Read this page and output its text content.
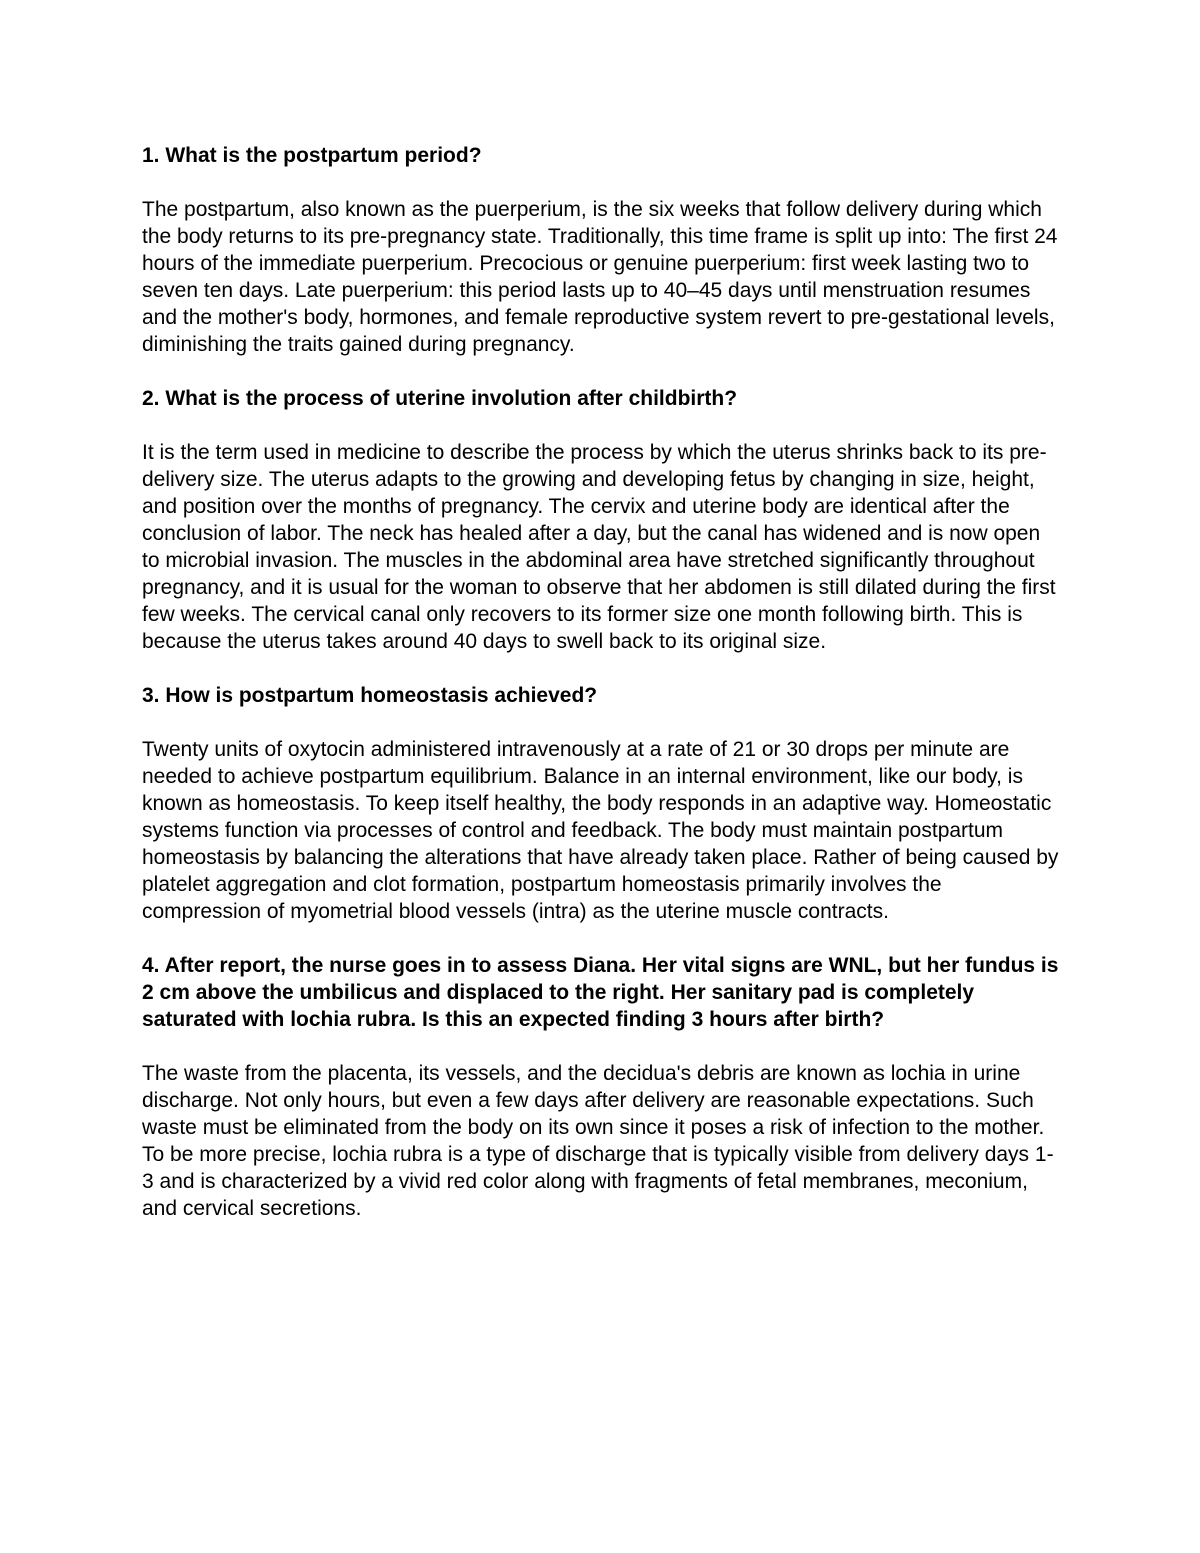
1. What is the postpartum period?

The postpartum, also known as the puerperium, is the six weeks that follow delivery during which the body returns to its pre-pregnancy state. Traditionally, this time frame is split up into: The first 24 hours of the immediate puerperium. Precocious or genuine puerperium: first week lasting two to seven ten days. Late puerperium: this period lasts up to 40–45 days until menstruation resumes and the mother's body, hormones, and female reproductive system revert to pre-gestational levels, diminishing the traits gained during pregnancy.

2. What is the process of uterine involution after childbirth?

It is the term used in medicine to describe the process by which the uterus shrinks back to its pre-delivery size. The uterus adapts to the growing and developing fetus by changing in size, height, and position over the months of pregnancy. The cervix and uterine body are identical after the conclusion of labor. The neck has healed after a day, but the canal has widened and is now open to microbial invasion. The muscles in the abdominal area have stretched significantly throughout pregnancy, and it is usual for the woman to observe that her abdomen is still dilated during the first few weeks. The cervical canal only recovers to its former size one month following birth. This is because the uterus takes around 40 days to swell back to its original size.

3. How is postpartum homeostasis achieved?

Twenty units of oxytocin administered intravenously at a rate of 21 or 30 drops per minute are needed to achieve postpartum equilibrium. Balance in an internal environment, like our body, is known as homeostasis. To keep itself healthy, the body responds in an adaptive way. Homeostatic systems function via processes of control and feedback. The body must maintain postpartum homeostasis by balancing the alterations that have already taken place. Rather of being caused by platelet aggregation and clot formation, postpartum homeostasis primarily involves the compression of myometrial blood vessels (intra) as the uterine muscle contracts.

4. After report, the nurse goes in to assess Diana. Her vital signs are WNL, but her fundus is 2 cm above the umbilicus and displaced to the right. Her sanitary pad is completely saturated with lochia rubra. Is this an expected finding 3 hours after birth?

The waste from the placenta, its vessels, and the decidua's debris are known as lochia in urine discharge. Not only hours, but even a few days after delivery are reasonable expectations. Such waste must be eliminated from the body on its own since it poses a risk of infection to the mother. To be more precise, lochia rubra is a type of discharge that is typically visible from delivery days 1-3 and is characterized by a vivid red color along with fragments of fetal membranes, meconium, and cervical secretions.
